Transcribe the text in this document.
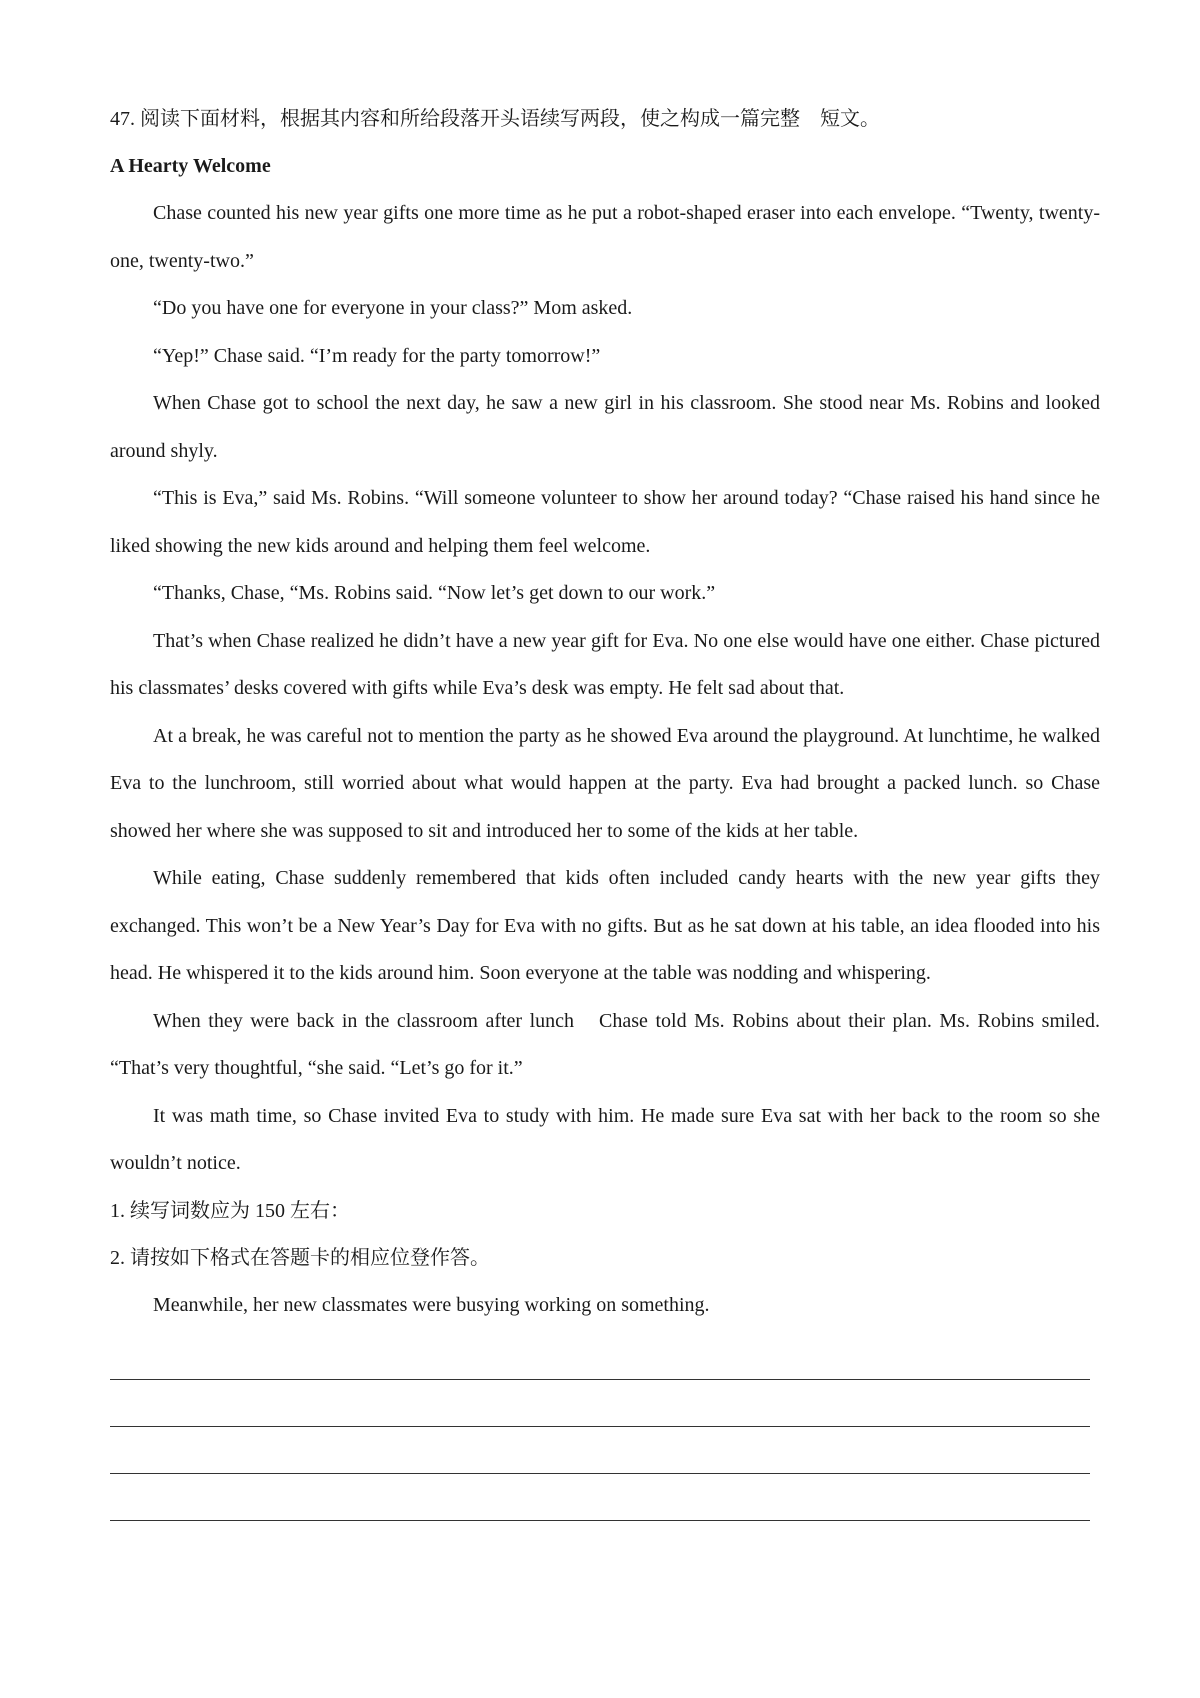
47. 阅读下面材料，根据其内容和所给段落开头语续写两段，使之构成一篇完整　短文。

A Hearty Welcome

Chase counted his new year gifts one more time as he put a robot-shaped eraser into each envelope. “Twenty, twenty-one, twenty-two.”

“Do you have one for everyone in your class?” Mom asked.

“Yep!” Chase said. “I’m ready for the party tomorrow!”

When Chase got to school the next day, he saw a new girl in his classroom. She stood near Ms. Robins and looked around shyly.

“This is Eva,” said Ms. Robins. “Will someone volunteer to show her around today? “Chase raised his hand since he liked showing the new kids around and helping them feel welcome.

“Thanks, Chase, “Ms. Robins said. “Now let’s get down to our work.”

That’s when Chase realized he didn’t have a new year gift for Eva. No one else would have one either. Chase pictured his classmates’ desks covered with gifts while Eva’s desk was empty. He felt sad about that.

At a break, he was careful not to mention the party as he showed Eva around the playground. At lunchtime, he walked Eva to the lunchroom, still worried about what would happen at the party. Eva had brought a packed lunch. so Chase showed her where she was supposed to sit and introduced her to some of the kids at her table.

While eating, Chase suddenly remembered that kids often included candy hearts with the new year gifts they exchanged. This won’t be a New Year’s Day for Eva with no gifts. But as he sat down at his table, an idea flooded into his head. He whispered it to the kids around him. Soon everyone at the table was nodding and whispering.

When they were back in the classroom after lunch　Chase told Ms. Robins about their plan. Ms. Robins smiled. “That’s very thoughtful, “she said. “Let’s go for it.”

It was math time, so Chase invited Eva to study with him. He made sure Eva sat with her back to the room so she wouldn’t notice.

1. 续写词数应为 150 左右：

2. 请按如下格式在答题卡的相应位登作答。

Meanwhile, her new classmates were busying working on something.
